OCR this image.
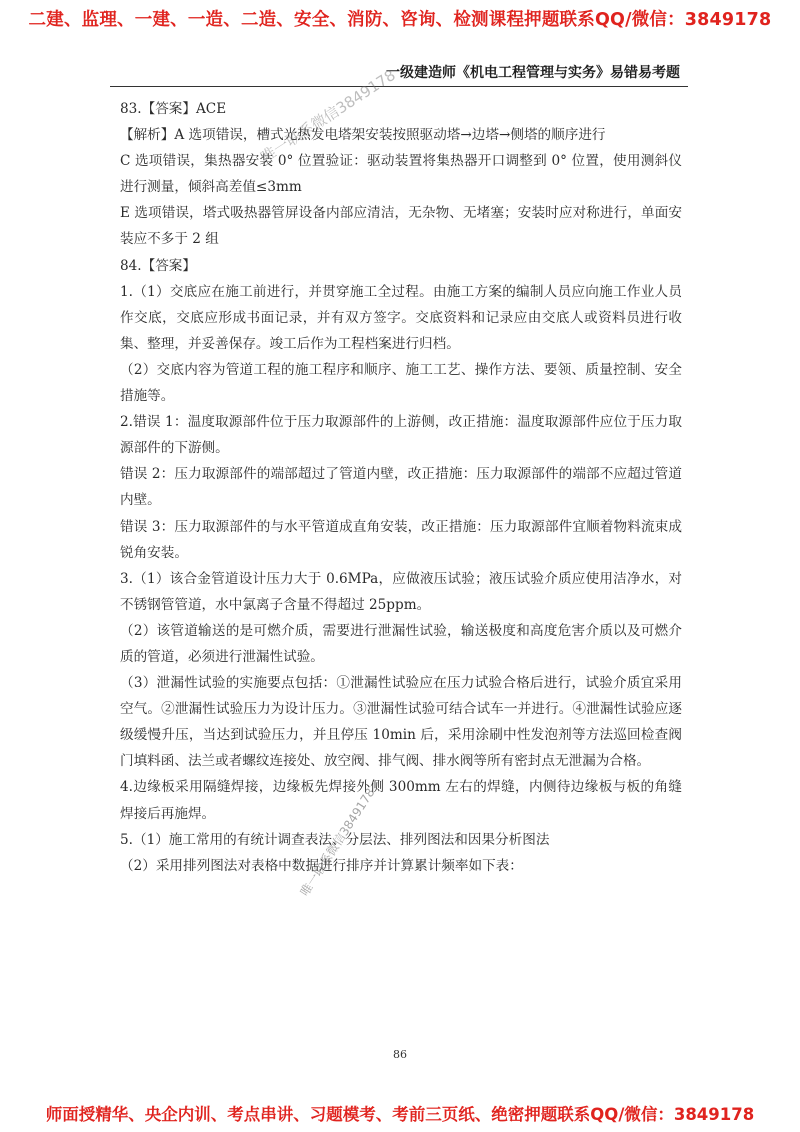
二建、监理、一建、一造、二造、安全、消防、咨询、检测课程押题联系QQ/微信：3849178
一级建造师《机电工程管理与实务》易错易考题

83.【答案】ACE

【解析】A 选项错误，槽式光热发电塔架安装按照驱动塔→边塔→侧塔的顺序进行

C 选项错误，集热器安装 0° 位置验证：驱动装置将集热器开口调整到 0° 位置，使用测斜仪进行测量，倾斜高差值≤3mm

E 选项错误，塔式吸热器管屏设备内部应清洁，无杂物、无堵塞；安装时应对称进行，单面安装应不多于 2 组

84.【答案】

1.（1）交底应在施工前进行，并贯穿施工全过程。由施工方案的编制人员应向施工作业人员作交底，交底应形成书面记录，并有双方签字。交底资料和记录应由交底人或资料员进行收集、整理，并妥善保存。竣工后作为工程档案进行归档。

（2）交底内容为管道工程的施工程序和顺序、施工工艺、操作方法、要领、质量控制、安全措施等。

2.错误 1：温度取源部件位于压力取源部件的上游侧，改正措施：温度取源部件应位于压力取源部件的下游侧。

错误 2：压力取源部件的端部超过了管道内壁，改正措施：压力取源部件的端部不应超过管道内壁。

错误 3：压力取源部件的与水平管道成直角安装，改正措施：压力取源部件宜顺着物料流束成锐角安装。

3.（1）该合金管道设计压力大于 0.6MPa，应做液压试验；液压试验介质应使用洁净水，对不锈钢管管道，水中氯离子含量不得超过 25ppm。

（2）该管道输送的是可燃介质，需要进行泄漏性试验，输送极度和高度危害介质以及可燃介质的管道，必须进行泄漏性试验。

（3）泄漏性试验的实施要点包括：①泄漏性试验应在压力试验合格后进行，试验介质宜采用空气。②泄漏性试验压力为设计压力。③泄漏性试验可结合试车一并进行。④泄漏性试验应逐级缓慢升压，当达到试验压力，并且停压 10min 后，采用涂刷中性发泡剂等方法巡回检查阀门填料函、法兰或者螺纹连接处、放空阀、排气阀、排水阀等所有密封点无泄漏为合格。

4.边缘板采用隔缝焊接，边缘板先焊接外侧 300mm 左右的焊缝，内侧待边缘板与板的角缝焊接后再施焊。

5.（1）施工常用的有统计调查表法、分层法、排列图法和因果分析图法

（2）采用排列图法对表格中数据进行排序并计算累计频率如下表：

唯一联系微信3849178
唯一联系微信3849178
86
师面授精华、央企内训、考点串讲、习题模考、考前三页纸、绝密押题联系QQ/微信：3849178
